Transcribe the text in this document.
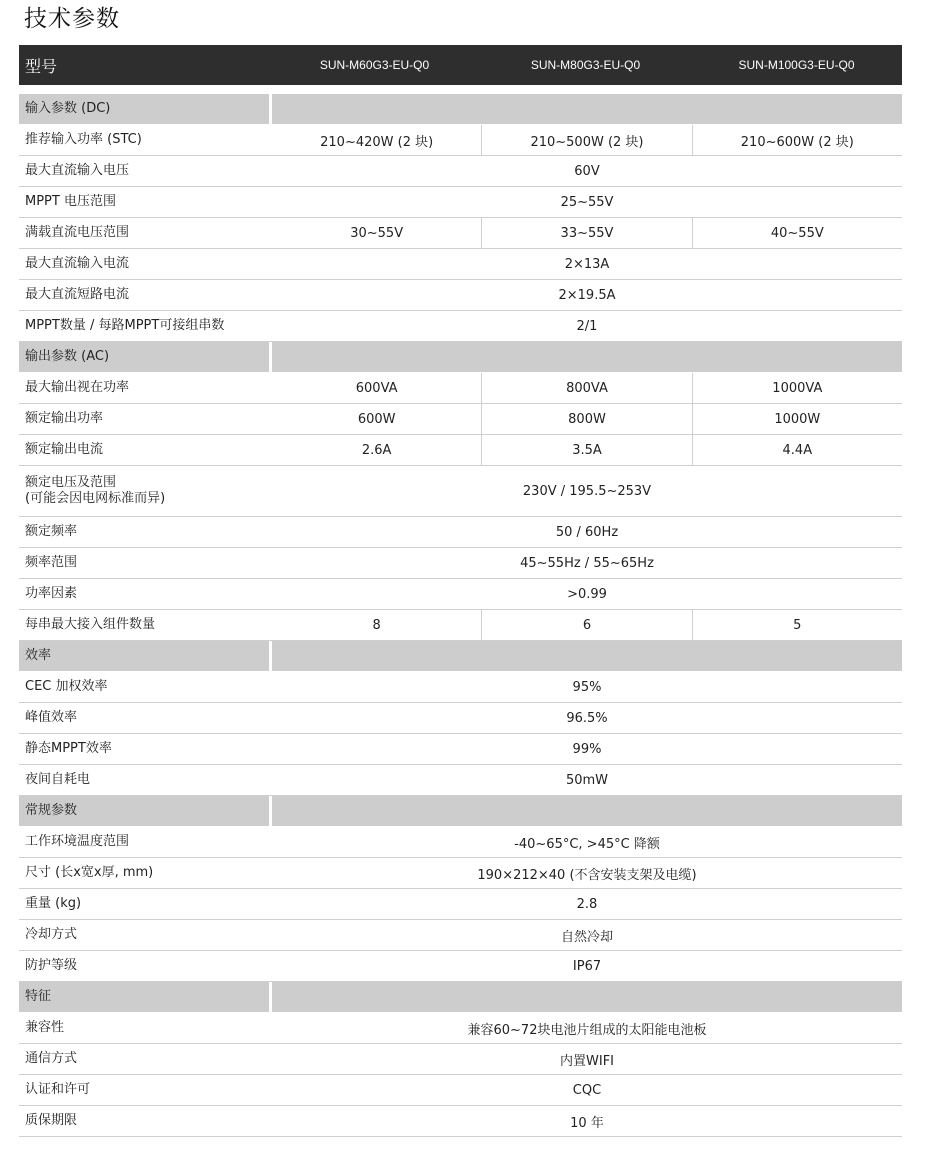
技术参数
型号	SUN-M60G3-EU-Q0	SUN-M80G3-EU-Q0	SUN-M100G3-EU-Q0
输入参数 (DC)
推荐输入功率 (STC)	210~420W (2 块)	210~500W (2 块)	210~600W (2 块)
最大直流输入电压	60V
MPPT 电压范围	25~55V
满载直流电压范围	30~55V	33~55V	40~55V
最大直流输入电流	2×13A
最大直流短路电流	2×19.5A
MPPT数量 / 每路MPPT可接组串数	2/1
输出参数 (AC)
最大输出视在功率	600VA	800VA	1000VA
额定输出功率	600W	800W	1000W
额定输出电流	2.6A	3.5A	4.4A
额定电压及范围
(可能会因电网标准而异)	230V / 195.5~253V
额定频率	50 / 60Hz
频率范围	45~55Hz / 55~65Hz
功率因素	>0.99
每串最大接入组件数量	8	6	5
效率
CEC 加权效率	95%
峰值效率	96.5%
静态MPPT效率	99%
夜间自耗电	50mW
常规参数
工作环境温度范围	-40~65°C, >45°C 降额
尺寸 (长x宽x厚, mm)	190×212×40 (不含安装支架及电缆)
重量 (kg)	2.8
冷却方式	自然冷却
防护等级	IP67
特征
兼容性	兼容60~72块电池片组成的太阳能电池板
通信方式	内置WIFI
认证和许可	CQC
质保期限	10 年
